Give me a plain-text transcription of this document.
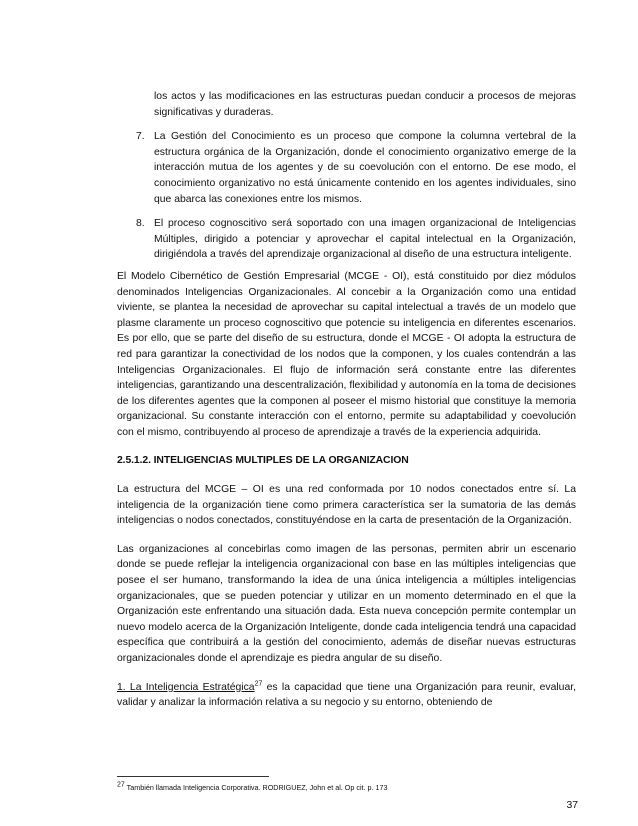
los actos y las modificaciones en las estructuras puedan conducir a procesos de mejoras significativas y duraderas.

7. La Gestión del Conocimiento es un proceso que compone la columna vertebral de la estructura orgánica de la Organización, donde el conocimiento organizativo emerge de la interacción mutua de los agentes y de su coevolución con el entorno. De ese modo, el conocimiento organizativo no está únicamente contenido en los agentes individuales, sino que abarca las conexiones entre los mismos.

8. El proceso cognoscitivo será soportado con una imagen organizacional de Inteligencias Múltiples, dirigido a potenciar y aprovechar el capital intelectual en la Organización, dirigiéndola a través del aprendizaje organizacional al diseño de una estructura inteligente.

El Modelo Cibernético de Gestión Empresarial (MCGE - OI), está constituido por diez módulos denominados Inteligencias Organizacionales. Al concebir a la Organización como una entidad viviente, se plantea la necesidad de aprovechar su capital intelectual a través de un modelo que plasme claramente un proceso cognoscitivo que potencie su inteligencia en diferentes escenarios. Es por ello, que se parte del diseño de su estructura, donde el MCGE - OI adopta la estructura de red para garantizar la conectividad de los nodos que la componen, y los cuales contendrán a las Inteligencias Organizacionales. El flujo de información será constante entre las diferentes inteligencias, garantizando una descentralización, flexibilidad y autonomía en la toma de decisiones de los diferentes agentes que la componen al poseer el mismo historial que constituye la memoria organizacional. Su constante interacción con el entorno, permite su adaptabilidad y coevolución con el mismo, contribuyendo al proceso de aprendizaje a través de la experiencia adquirida.

2.5.1.2. INTELIGENCIAS MULTIPLES DE LA ORGANIZACION

La estructura del MCGE – OI es una red conformada por 10 nodos conectados entre sí. La inteligencia de la organización tiene como primera característica ser la sumatoria de las demás inteligencias o nodos conectados, constituyéndose en la carta de presentación de la Organización.

Las organizaciones al concebirlas como imagen de las personas, permiten abrir un escenario donde se puede reflejar la inteligencia organizacional con base en las múltiples inteligencias que posee el ser humano, transformando la idea de una única inteligencia a múltiples inteligencias organizacionales, que se pueden potenciar y utilizar en un momento determinado en el que la Organización este enfrentando una situación dada. Esta nueva concepción permite contemplar un nuevo modelo acerca de la Organización Inteligente, donde cada inteligencia tendrá una capacidad específica que contribuirá a la gestión del conocimiento, además de diseñar nuevas estructuras organizacionales donde el aprendizaje es piedra angular de su diseño.

1. La Inteligencia Estratégica$^{27}$ es la capacidad que tiene una Organización para reunir, evaluar, validar y analizar la información relativa a su negocio y su entorno, obteniendo de

27 También llamada Inteligencia Corporativa. RODRIGUEZ, John et al. Op cit. p. 173
37
